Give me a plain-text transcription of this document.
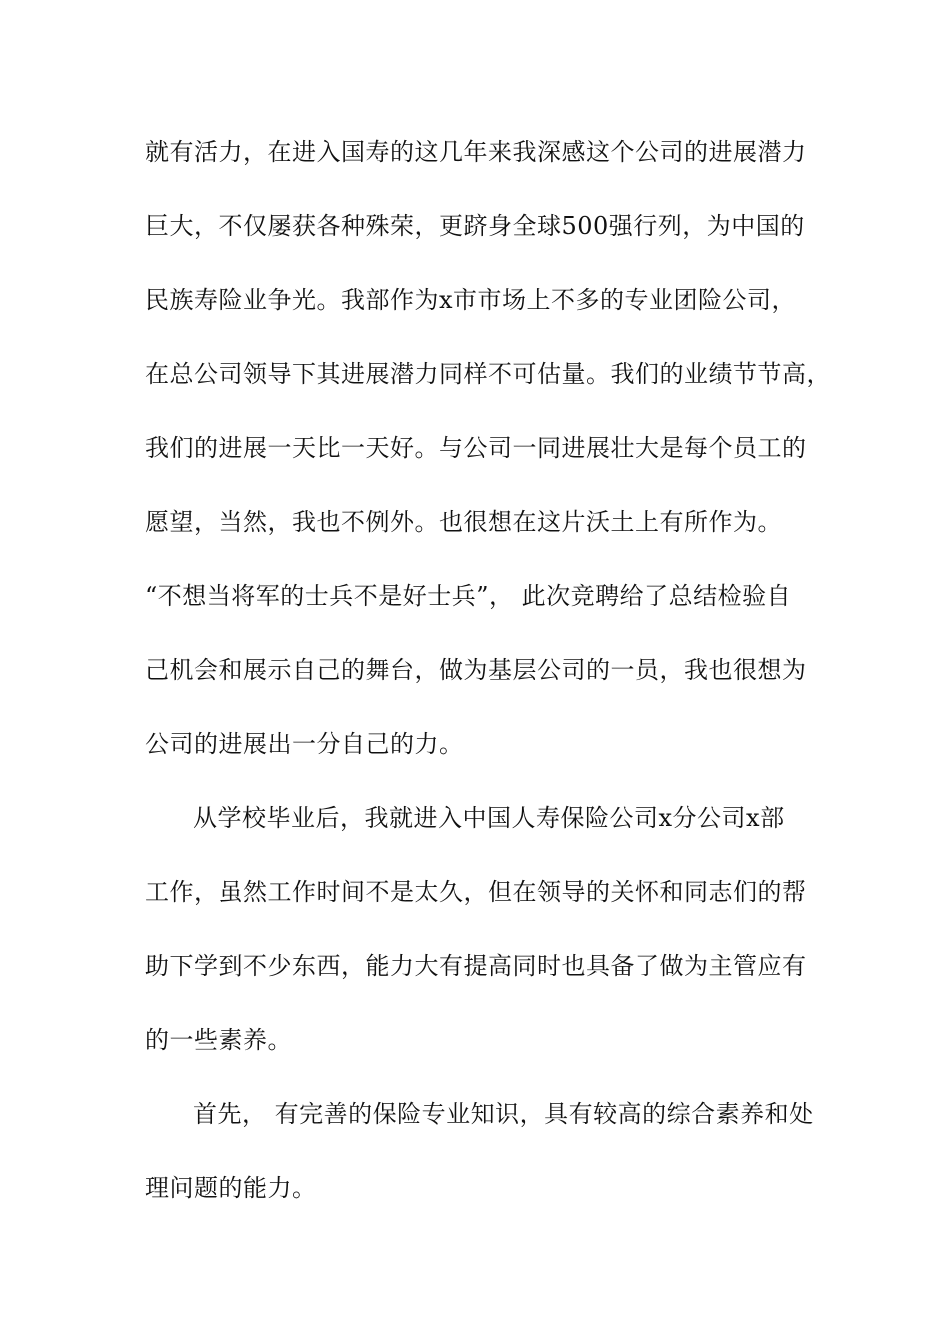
就有活力，在进入国寿的这几年来我深感这个公司的进展潜力
巨大，不仅屡获各种殊荣，更跻身全球500强行列，为中国的
民族寿险业争光。我部作为x市市场上不多的专业团险公司，
在总公司领导下其进展潜力同样不可估量。我们的业绩节节高，
我们的进展一天比一天好。与公司一同进展壮大是每个员工的
愿望，当然，我也不例外。也很想在这片沃土上有所作为。
“不想当将军的士兵不是好士兵”， 此次竞聘给了总结检验自
己机会和展示自己的舞台，做为基层公司的一员，我也很想为
公司的进展出一分自己的力。
从学校毕业后，我就进入中国人寿保险公司x分公司x部
工作，虽然工作时间不是太久，但在领导的关怀和同志们的帮
助下学到不少东西，能力大有提高同时也具备了做为主管应有
的一些素养。
首先， 有完善的保险专业知识，具有较高的综合素养和处
理问题的能力。
